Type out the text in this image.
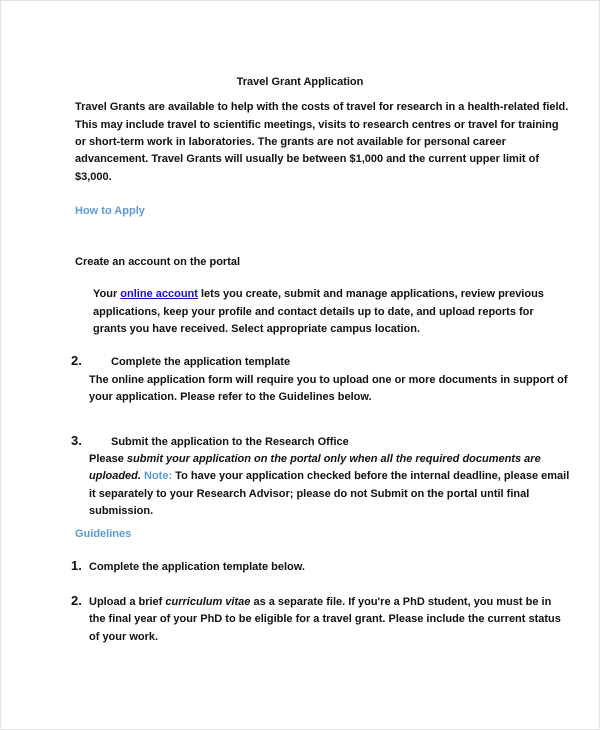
Travel Grant Application
Travel Grants are available to help with the costs of travel for research in a health-related field.
This may include travel to scientific meetings, visits to research centres or travel for training
or short-term work in laboratories. The grants are not available for personal career
advancement. Travel Grants will usually be between $1,000 and the current upper limit of
$3,000.
How to Apply
Create an account on the portal
Your online account lets you create, submit and manage applications, review previous
applications, keep your profile and contact details up to date, and upload reports for
grants you have received. Select appropriate campus location.
2.	Complete the application template
The online application form will require you to upload one or more documents in support of
your application. Please refer to the Guidelines below.
3.	Submit the application to the Research Office
Please submit your application on the portal only when all the required documents are
uploaded. Note: To have your application checked before the internal deadline, please email
it separately to your Research Advisor; please do not Submit on the portal until final
submission.
Guidelines
1. Complete the application template below.
2. Upload a brief curriculum vitae as a separate file. If you're a PhD student, you must be in
the final year of your PhD to be eligible for a travel grant. Please include the current status
of your work.
